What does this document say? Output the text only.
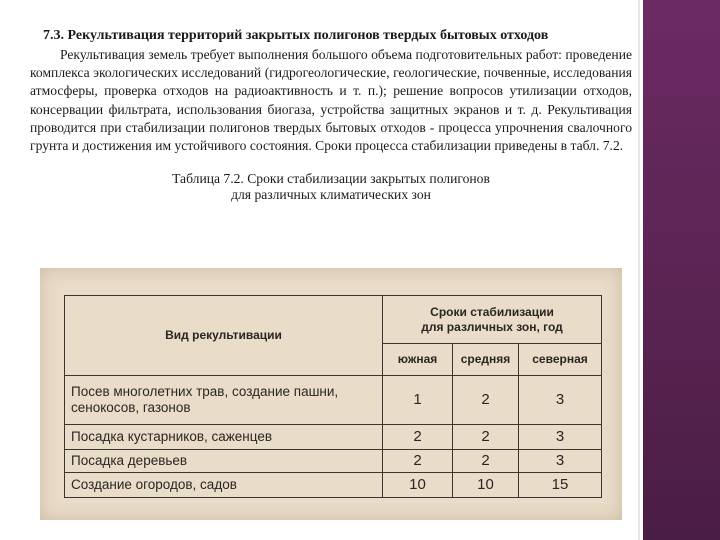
7.3. Рекультивация территорий закрытых полигонов твердых бытовых отходов

Рекультивация земель требует выполнения большого объема подготовительных работ: проведение комплекса экологических исследований (гидрогеологические, геологические, почвенные, исследования атмосферы, проверка отходов на радиоактивность и т. п.); решение вопросов утилизации отходов, консервации фильтрата, использования биогаза, устройства защитных экранов и т. д. Рекультивация проводится при стабилизации полигонов твердых бытовых отходов - процесса упрочнения свалочного грунта и достижения им устойчивого состояния. Сроки процесса стабилизации приведены в табл. 7.2.

Таблица 7.2. Сроки стабилизации закрытых полигонов
для различных климатических зон
Вид рекультивации	Сроки стабилизации
для различных зон, год		

	южная	средняя	северная

Посев многолетних трав, создание пашни,
сенокосов, газонов	1	2	3
Посадка кустарников, саженцев	2	2	3
Посадка деревьев	2	2	3
Создание огородов, садов	10	10	15
